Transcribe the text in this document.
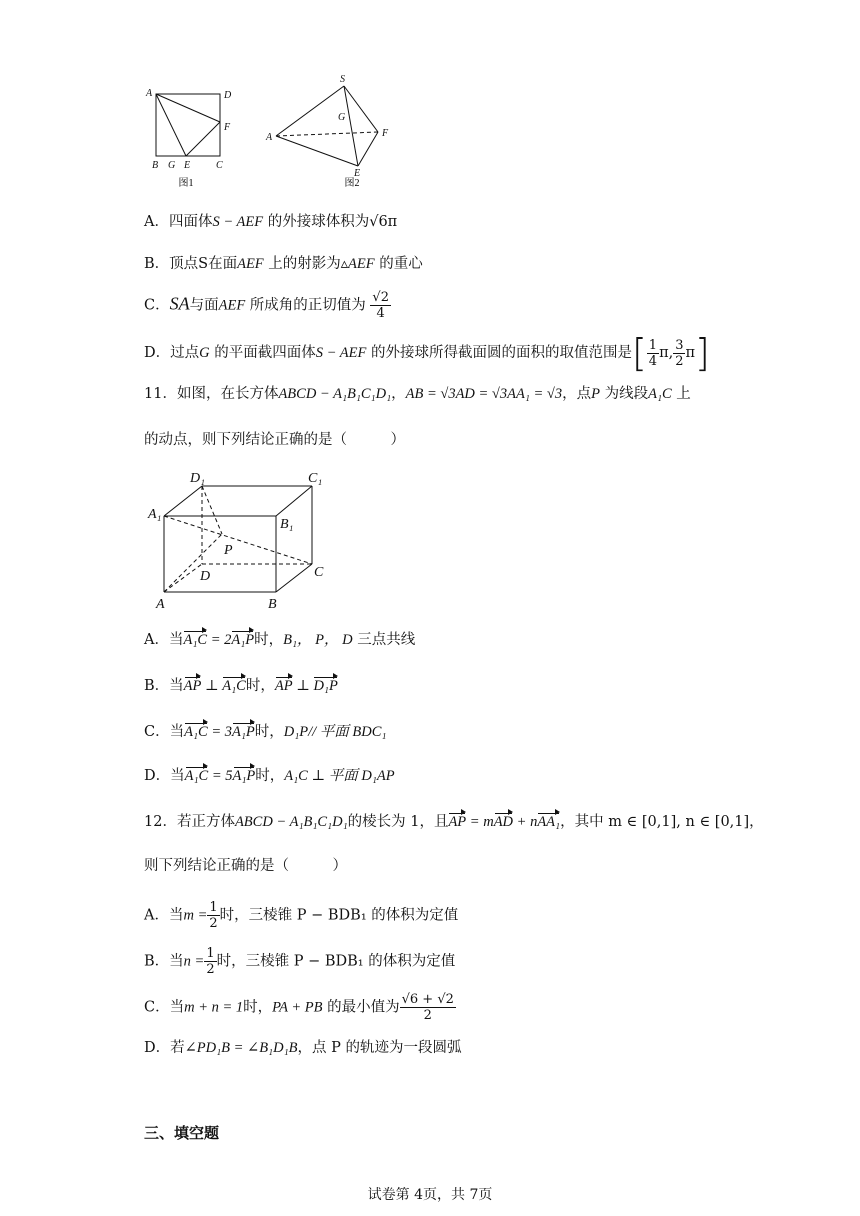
A	D
F
B G E	C
图1
S
G
A	F
E
图2
A．四面体S − AEF 的外接球体积为√6π
B．顶点S在面AEF 上的射影为▵AEF 的重心
C．SA与面AEF 所成角的正切值为 $\frac{√2}{4}$
D．过点G 的平面截四面体S − AEF 的外接球所得截面圆的面积的取值范围是[ $\frac{1}{4} \pi$, $\frac{3}{2} \pi$]
11．如图，在长方体ABCD − A₁B₁C₁D₁，AB = √3AD = √3AA₁ = √3，点P 为线段A₁C 上
的动点，则下列结论正确的是（　　　）
D₁	C₁
A₁
B₁
P
D	C
A	B
A．当A₁C = 2A₁P时，B₁， P， D 三点共线
B．当AP ⊥ A₁C时，AP ⊥ D₁P
C．当A₁C = 3A₁P时，D₁P// 平面 BDC₁
D．当A₁C = 5A₁P时，A₁C ⊥ 平面 D₁AP
12．若正方体ABCD − A₁B₁C₁D₁的棱长为 1，且AP = mAD + nAA₁，其中 m ∈ [0,1], n ∈ [0,1]，
则下列结论正确的是（　　　）
A．当$m = \frac{1}{2}$ 时，三棱锥 P − BDB₁ 的体积为定值
B．当$n = \frac{1}{2}$ 时，三棱锥 P − BDB₁ 的体积为定值
C．当m + n = 1时，PA + PB 的最小值为 $\frac{√6 + √2}{2}$
D．若∠PD₁B = ∠B₁D₁B，点 P 的轨迹为一段圆弧
三、填空题
试卷第 4页，共 7页
